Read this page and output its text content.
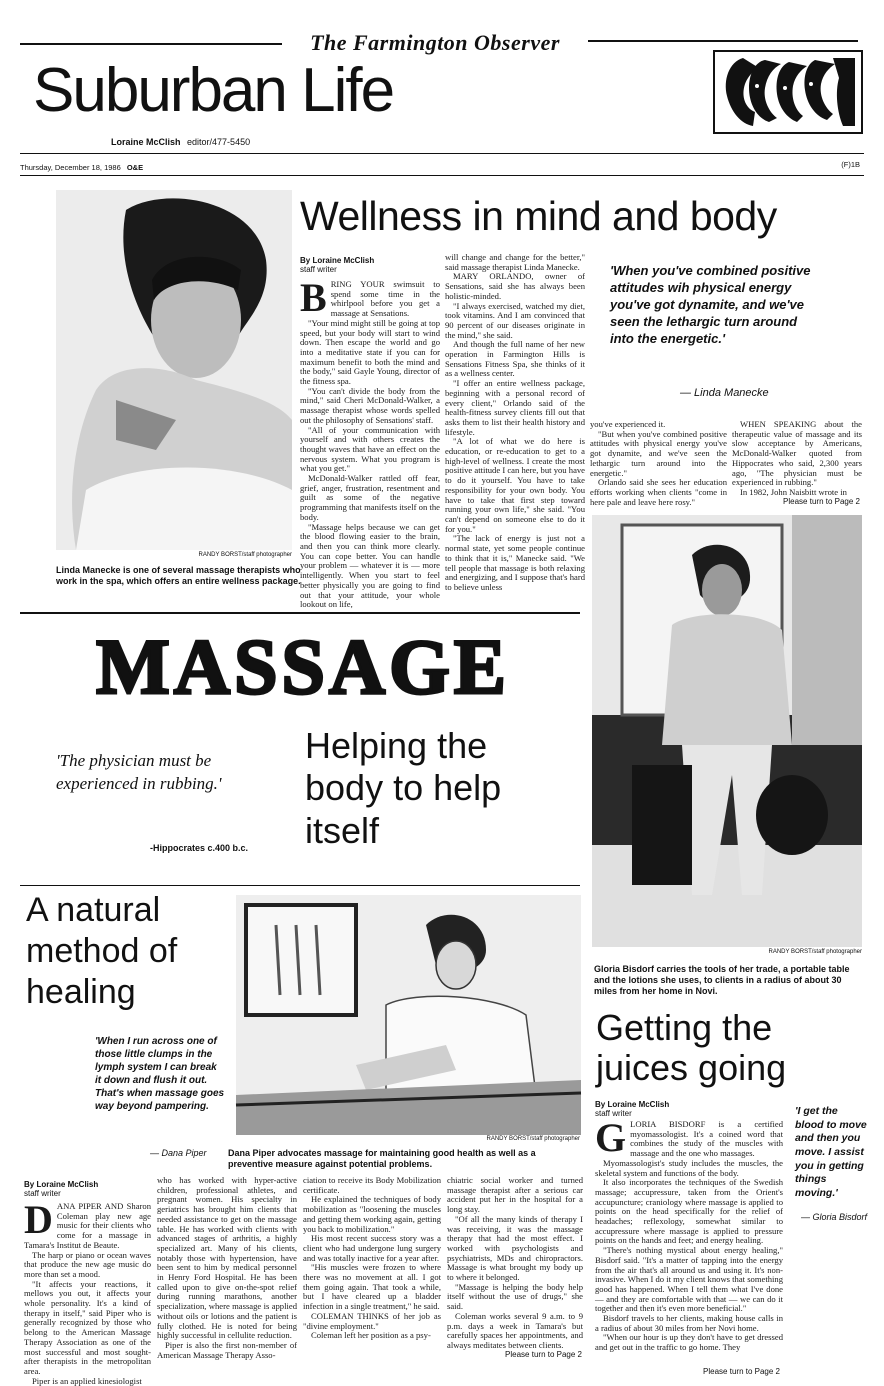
The Farmington Observer
Suburban Life
Loraine McClish editor/477-5450
Thursday, December 18, 1986 O&E	(F)1B
RANDY BORST/staff photographer
Linda Manecke is one of several massage therapists who work in the spa, which offers an entire wellness package.
Wellness in mind and body
By Loraine McClish
staff writer
B RING YOUR swimsuit to spend some time in the whirlpool before you get a massage at Sensations.

"Your mind might still be going at top speed, but your body will start to wind down. Then escape the world and go into a meditative state if you can for maximum benefit to both the mind and the body," said Gayle Young, director of the fitness spa.

"You can't divide the body from the mind," said Cheri McDonald-Walker, a massage therapist whose words spelled out the philosophy of Sensations' staff.

"All of your communication with yourself and with others creates the thought waves that have an effect on the nervous system. What you program is what you get."

McDonald-Walker rattled off fear, grief, anger, frustration, resentment and guilt as some of the negative programming that manifests itself on the body.

"Massage helps because we can get the blood flowing easier to the brain, and then you can think more clearly. You can cope better. You can handle your problem — whatever it is — more intelligently. When you start to feel better physically you are going to find out that your attitude, your whole lookout on life,

will change and change for the better," said massage therapist Linda Manecke.

MARY ORLANDO, owner of Sensations, said she has always been holistic-minded.

"I always exercised, watched my diet, took vitamins. And I am convinced that 90 percent of our diseases originate in the mind," she said.

And though the full name of her new operation in Farmington Hills is Sensations Fitness Spa, she thinks of it as a wellness center.

"I offer an entire wellness package, beginning with a personal record of every client," Orlando said of the health-fitness survey clients fill out that asks them to list their health history and lifestyle.

"A lot of what we do here is education, or re-education to get to a high-level of wellness. I create the most positive attitude I can here, but you have to do it yourself. You have to take responsibility for your own body. You have to take that first step toward running your own life," she said. "You can't depend on someone else to do it for you."

"The lack of energy is just not a normal state, yet some people continue to think that it is," Manecke said. "We tell people that massage is both relaxing and energizing, and I suppose that's hard to believe unless

'When you've combined positive attitudes wih physical energy you've got dynamite, and we've seen the lethargic turn around into the energetic.'
— Linda Manecke

you've experienced it.

"But when you've combined positive attitudes with physical energy you've got dynamite, and we've seen the lethargic turn around into the energetic."

Orlando said she sees her education efforts working when clients "come in here pale and leave here rosy."

WHEN SPEAKING about the therapeutic value of massage and its slow acceptance by Americans, McDonald-Walker quoted from Hippocrates who said, 2,300 years ago, "The physician must be experienced in rubbing."

In 1982, John Naisbitt wrote in

Please turn to Page 2
RANDY BORST/staff photographer
Gloria Bisdorf carries the tools of her trade, a portable table and the lotions she uses, to clients in a radius of about 30 miles from her home in Novi.
MASSAGE
'The physician must be experienced in rubbing.'
-Hippocrates c.400 b.c.
Helping the body to help itself
A natural method of healing
RANDY BORST/staff photographer
'When I run across one of those little clumps in the lymph system I can break it down and flush it out. That's when massage goes way beyond pampering.
— Dana Piper Dana Piper advocates massage for maintaining good health as well as a preventive measure against potential problems.
By Loraine McClish
staff writer
D ANA PIPER AND Sharon Coleman play new age music for their clients who come for a massage in Tamara's Institut de Beaute.

The harp or piano or ocean waves that produce the new age music do more than set a mood.

"It affects your reactions, it mellows you out, it affects your whole personality. It's a kind of therapy in itself," said Piper who is generally recognized by those who belong to the American Massage Therapy Association as one of the most successful and most sought-after therapists in the metropolitan area.

Piper is an applied kinesiologist

who has worked with hyper-active children, professional athletes, and pregnant women. His specialty in geriatrics has brought him clients that needed assistance to get on the massage table. He has worked with clients with advanced stages of arthritis, a highly specialized art. Many of his clients, notably those with hypertension, have been sent to him by medical personnel in Henry Ford Hospital. He has been called upon to give on-the-spot relief during running marathons, another specialization, where massage is applied without oils or lotions and the patient is fully clothed. He is noted for being highly successful in cellulite reduction.

Piper is also the first non-member of American Massage Therapy Asso-

ciation to receive its Body Mobilization certificate.

He explained the techniques of body mobilization as "loosening the muscles and getting them working again, getting you back to mobilization."

His most recent success story was a client who had undergone lung surgery and was totally inactive for a year after.

"His muscles were frozen to where there was no movement at all. I got them going again. That took a while, but I have cleared up a bladder infection in a single treatment," he said.

COLEMAN THINKS of her job as "divine employment."

Coleman left her position as a psy-

chiatric social worker and turned massage therapist after a serious car accident put her in the hospital for a long stay.

"Of all the many kinds of therapy I was receiving, it was the massage therapy that had the most effect. I worked with psychologists and psychiatrists, MDs and chiropractors. Massage is what brought my body up to where it belonged.

"Massage is helping the body help itself without the use of drugs," she said.

Coleman works several 9 a.m. to 9 p.m. days a week in Tamara's but carefully spaces her appointments, and always meditates between clients.

Please turn to Page 2
Getting the juices going
By Loraine McClish
staff writer
G LORIA BISDORF is a certified myomassologist. It's a coined word that combines the study of the muscles with massage and the one who massages.

Myomassologist's study includes the muscles, the skeletal system and functions of the body.

It also incorporates the techniques of the Swedish massage; accupressure, taken from the Orient's accupuncture; craniology where massage is applied to points on the head specifically for the relief of headaches; reflexology, somewhat similar to accupressure where massage is applied to pressure points on the hands and feet; and energy healing.

"There's nothing mystical about energy healing," Bisdorf said. "It's a matter of tapping into the energy from the air that's all around us and using it. It's non-invasive. When I do it my client knows that something good has happened. When I tell them what I've done — and they are comfortable with that — we can do it together and then it's even more beneficial."

Bisdorf travels to her clients, making house calls in a radius of about 30 miles from her Novi home.

"When our hour is up they don't have to get dressed and get out in the traffic to go home. They

'I get the blood to move and then you move. I assist you in getting things moving.'
— Gloria Bisdorf
Please turn to Page 2
